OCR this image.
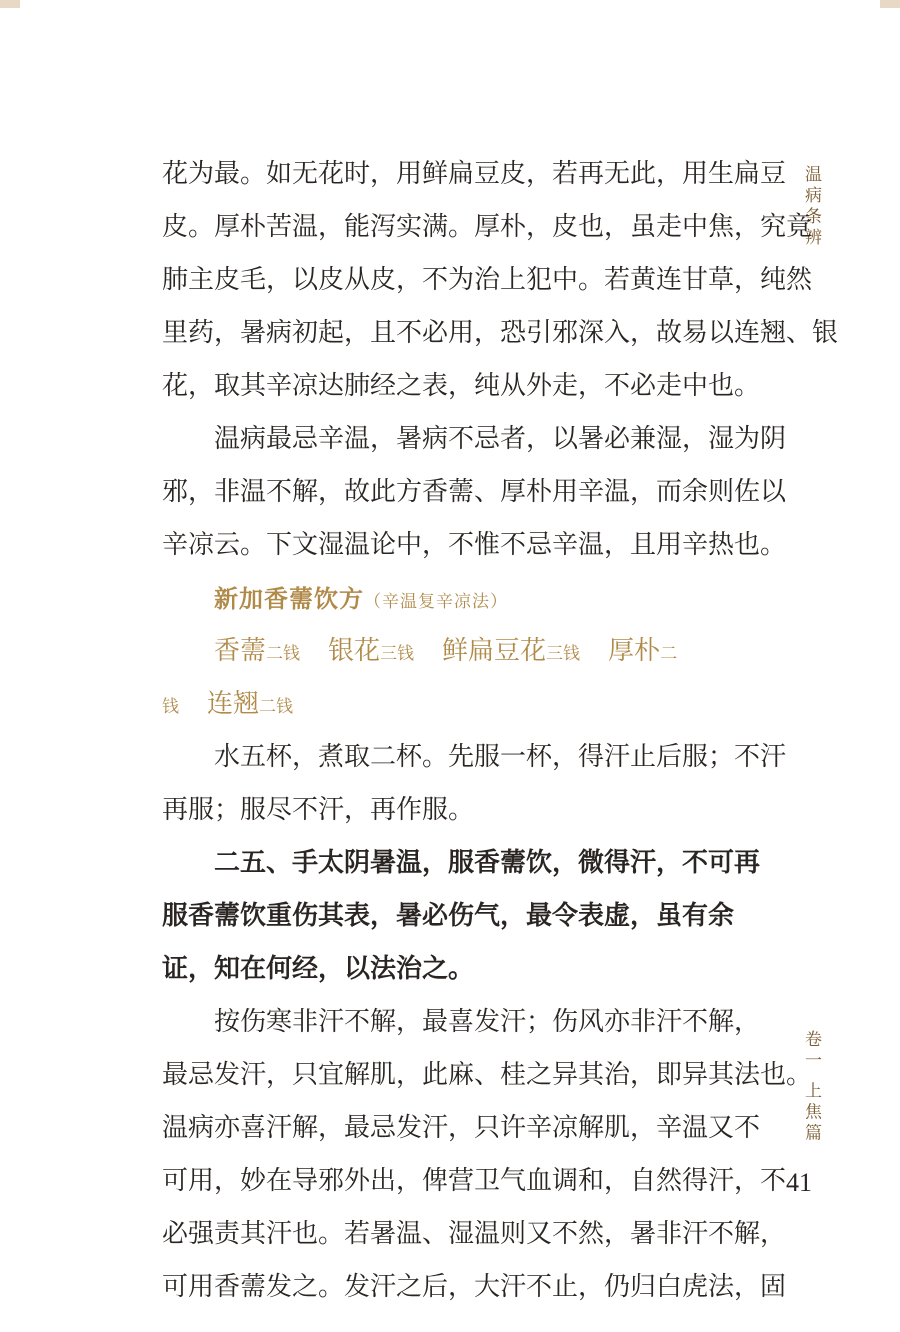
温病条辨
卷一 上焦篇
41
花为最。如无花时，用鲜扁豆皮，若再无此，用生扁豆
皮。厚朴苦温，能泻实满。厚朴，皮也，虽走中焦，究竟
肺主皮毛，以皮从皮，不为治上犯中。若黄连甘草，纯然
里药，暑病初起，且不必用，恐引邪深入，故易以连翘、银
花，取其辛凉达肺经之表，纯从外走，不必走中也。
温病最忌辛温，暑病不忌者，以暑必兼湿，湿为阴
邪，非温不解，故此方香薷、厚朴用辛温，而余则佐以
辛凉云。下文湿温论中，不惟不忌辛温，且用辛热也。
新加香薷饮方（辛温复辛凉法）
香薷二钱 银花三钱 鲜扁豆花三钱 厚朴二
钱 连翘二钱
水五杯，煮取二杯。先服一杯，得汗止后服；不汗
再服；服尽不汗，再作服。
二五、手太阴暑温，服香薷饮，微得汗，不可再
服香薷饮重伤其表，暑必伤气，最令表虚，虽有余
证，知在何经，以法治之。
按伤寒非汗不解，最喜发汗；伤风亦非汗不解，
最忌发汗，只宜解肌，此麻、桂之异其治，即异其法也。
温病亦喜汗解，最忌发汗，只许辛凉解肌，辛温又不
可用，妙在导邪外出，俾营卫气血调和，自然得汗，不
必强责其汗也。若暑温、湿温则又不然，暑非汗不解，
可用香薷发之。发汗之后，大汗不止，仍归白虎法，固
